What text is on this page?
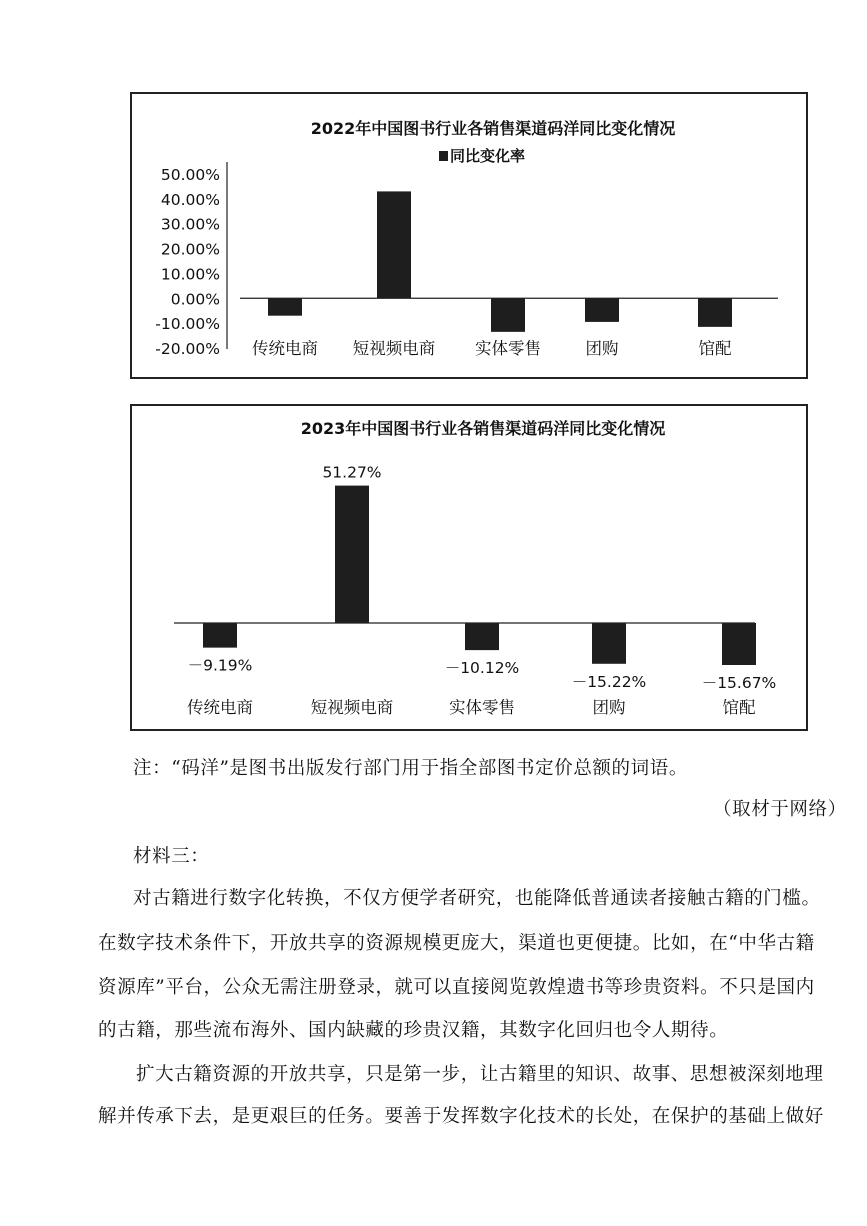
2022年中国图书行业各销售渠道码洋同比变化情况
同比变化率
50.00%
40.00%
30.00%
20.00%
10.00%
0.00%
-10.00%
-20.00% 传统电商 短视频电商 实体零售	团购	馆配
2023年中国图书行业各销售渠道码洋同比变化情况
－9.19%
51.27%
－10.12%
－15.22%	－15.67%
传统电商	短视频电商	实体零售	团购	馆配
注：“码洋”是图书出版发行部门用于指全部图书定价总额的词语。
（取材于网络）
材料三：
对古籍进行数字化转换，不仅方便学者研究，也能降低普通读者接触古籍的门槛。
在数字技术条件下，开放共享的资源规模更庞大，渠道也更便捷。比如，在“中华古籍
资源库”平台，公众无需注册登录，就可以直接阅览敦煌遗书等珍贵资料。不只是国内
的古籍，那些流布海外、国内缺藏的珍贵汉籍，其数字化回归也令人期待。
扩大古籍资源的开放共享，只是第一步，让古籍里的知识、故事、思想被深刻地理
解并传承下去，是更艰巨的任务。要善于发挥数字化技术的长处，在保护的基础上做好
